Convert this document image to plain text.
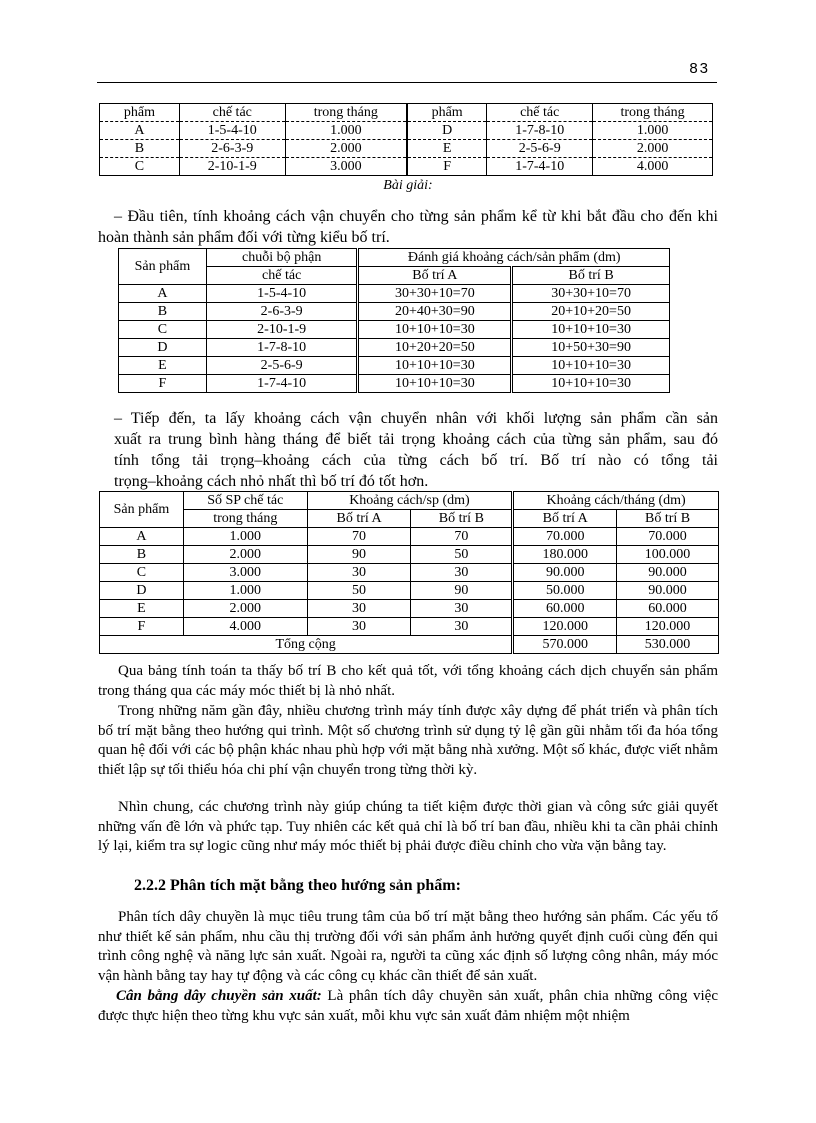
83
phẩm	chế tác	trong tháng	phẩm	chế tác	trong tháng
A	1-5-4-10	1.000	D	1-7-8-10	1.000
B	2-6-3-9	2.000	E	2-5-6-9	2.000
C	2-10-1-9	3.000	F	1-7-4-10	4.000
Bài giải:
– Đầu tiên, tính khoảng cách vận chuyển cho từng sản phẩm kể từ khi bắt đầu cho đến khi hoàn thành sản phẩm đối với từng kiểu bố trí.
Sản phẩm	chuỗi bộ phận	Đánh giá khoảng cách/sản phẩm (dm)	
	chế tác	Bố trí A	Bố trí B
A	1-5-4-10	30+30+10=70	30+30+10=70
B	2-6-3-9	20+40+30=90	20+10+20=50
C	2-10-1-9	10+10+10=30	10+10+10=30
D	1-7-8-10	10+20+20=50	10+50+30=90
E	2-5-6-9	10+10+10=30	10+10+10=30
F	1-7-4-10	10+10+10=30	10+10+10=30
– Tiếp đến, ta lấy khoảng cách vận chuyển nhân với khối lượng sản phẩm cần sản
xuất ra trung bình hàng tháng để biết tải trọng khoảng cách của từng sản phẩm, sau đó
tính tổng tải trọng–khoảng cách của từng cách bố trí. Bố trí nào có tổng tải
trọng–khoảng cách nhỏ nhất thì bố trí đó tốt hơn.
Sản phẩm	Số SP chế tác	Khoảng cách/sp (dm)		Khoảng cách/tháng (dm)	
	trong tháng	Bố trí A	Bố trí B	Bố trí A	Bố trí B
A	1.000	70	70	70.000	70.000
B	2.000	90	50	180.000	100.000
C	3.000	30	30	90.000	90.000
D	1.000	50	90	50.000	90.000
E	2.000	30	30	60.000	60.000
F	4.000	30	30	120.000	120.000
Tổng cộng				570.000	530.000
Qua bảng tính toán ta thấy bố trí B cho kết quả tốt, với tổng khoảng cách dịch chuyển sản phẩm trong tháng qua các máy móc thiết bị là nhỏ nhất.
Trong những năm gần đây, nhiều chương trình máy tính được xây dựng để phát triển và phân tích bố trí mặt bằng theo hướng qui trình. Một số chương trình sử dụng tỷ lệ gần gũi nhằm tối đa hóa tổng quan hệ đối với các bộ phận khác nhau phù hợp với mặt bằng nhà xưởng. Một số khác, được viết nhằm thiết lập sự tối thiểu hóa chi phí vận chuyển trong từng thời kỳ.
Nhìn chung, các chương trình này giúp chúng ta tiết kiệm được thời gian và công sức giải quyết những vấn đề lớn và phức tạp. Tuy nhiên các kết quả chỉ là bố trí ban đầu, nhiều khi ta cần phải chỉnh lý lại, kiểm tra sự logic cũng như máy móc thiết bị phải được điều chỉnh cho vừa vặn bằng tay.
2.2.2 Phân tích mặt bằng theo hướng sản phẩm:
Phân tích dây chuyền là mục tiêu trung tâm của bố trí mặt bằng theo hướng sản phẩm. Các yếu tố như thiết kế sản phẩm, nhu cầu thị trường đối với sản phẩm ảnh hưởng quyết định cuối cùng đến qui trình công nghệ và năng lực sản xuất. Ngoài ra, người ta cũng xác định số lượng công nhân, máy móc vận hành bằng tay hay tự động và các công cụ khác cần thiết để sản xuất.
Cân bằng dây chuyền sản xuất: Là phân tích dây chuyền sản xuất, phân chia những công việc được thực hiện theo từng khu vực sản xuất, mỗi khu vực sản xuất đảm nhiệm một nhiệm
